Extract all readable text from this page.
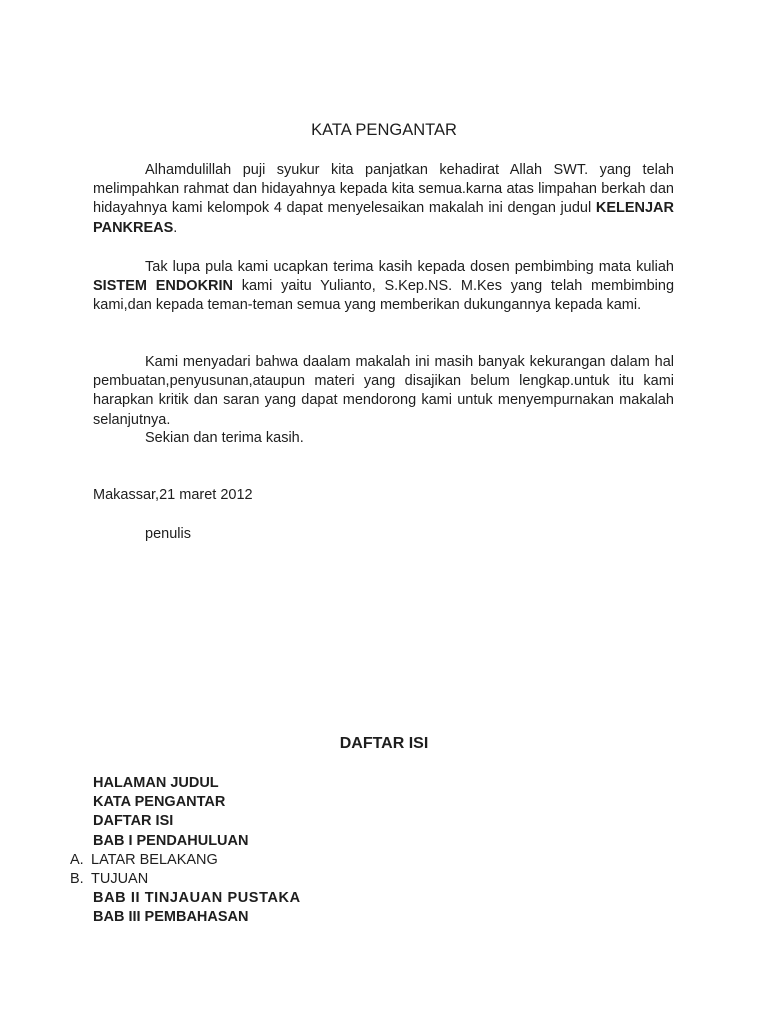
KATA PENGANTAR

Alhamdulillah puji syukur kita panjatkan kehadirat Allah SWT. yang telah melimpahkan rahmat dan hidayahnya kepada kita semua.karna atas limpahan berkah dan hidayahnya kami kelompok 4 dapat menyelesaikan makalah ini dengan judul KELENJAR PANKREAS.

Tak lupa pula kami ucapkan terima kasih kepada dosen pembimbing mata kuliah SISTEM ENDOKRIN kami yaitu Yulianto, S.Kep.NS. M.Kes yang telah membimbing kami,dan kepada teman-teman semua yang memberikan dukungannya kepada kami.

Kami menyadari bahwa daalam makalah ini masih banyak kekurangan dalam hal pembuatan,penyusunan,ataupun materi yang disajikan belum lengkap.untuk itu kami harapkan kritik dan saran yang dapat mendorong kami untuk menyempurnakan makalah selanjutnya.

Sekian dan terima kasih.
Makassar,21 maret 2012
penulis
DAFTAR ISI
HALAMAN JUDUL
KATA PENGANTAR
DAFTAR ISI
BAB I PENDAHULUAN
A. LATAR BELAKANG
B. TUJUAN
BAB II TINJAUAN PUSTAKA
BAB III PEMBAHASAN
